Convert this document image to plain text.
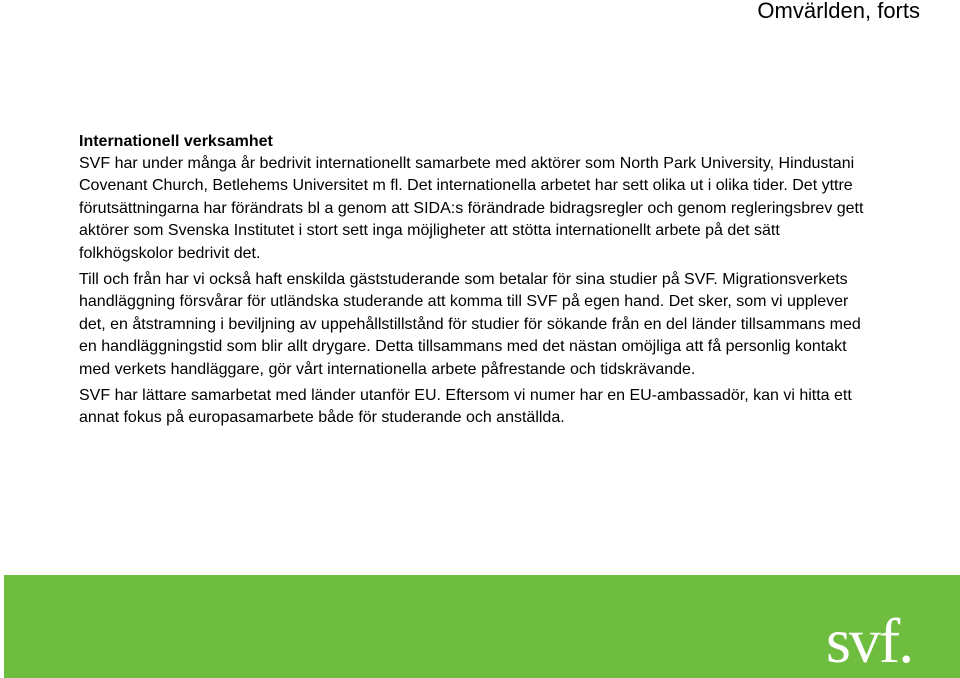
Omvärlden, forts
Internationell verksamhet

SVF har under många år bedrivit internationellt samarbete med aktörer som North Park University, Hindustani Covenant Church, Betlehems Universitet m fl. Det internationella arbetet har sett olika ut i olika tider. Det yttre förutsättningarna har förändrats bl a genom att SIDA:s förändrade bidragsregler och genom regleringsbrev gett aktörer som Svenska Institutet i stort sett inga möjligheter att stötta internationellt arbete på det sätt folkhögskolor bedrivit det.

Till och från har vi också haft enskilda gäststuderande som betalar för sina studier på SVF. Migrationsverkets handläggning försvårar för utländska studerande att komma till SVF på egen hand. Det sker, som vi upplever det, en åtstramning i beviljning av uppehållstillstånd för studier för sökande från en del länder tillsammans med en handläggningstid som blir allt drygare. Detta tillsammans med det nästan omöjliga att få personlig kontakt med verkets handläggare, gör vårt internationella arbete påfrestande och tidskrävande.

SVF har lättare samarbetat med länder utanför EU. Eftersom vi numer har en EU-ambassadör, kan vi hitta ett annat fokus på europasamarbete både för studerande och anställda.

svf.
